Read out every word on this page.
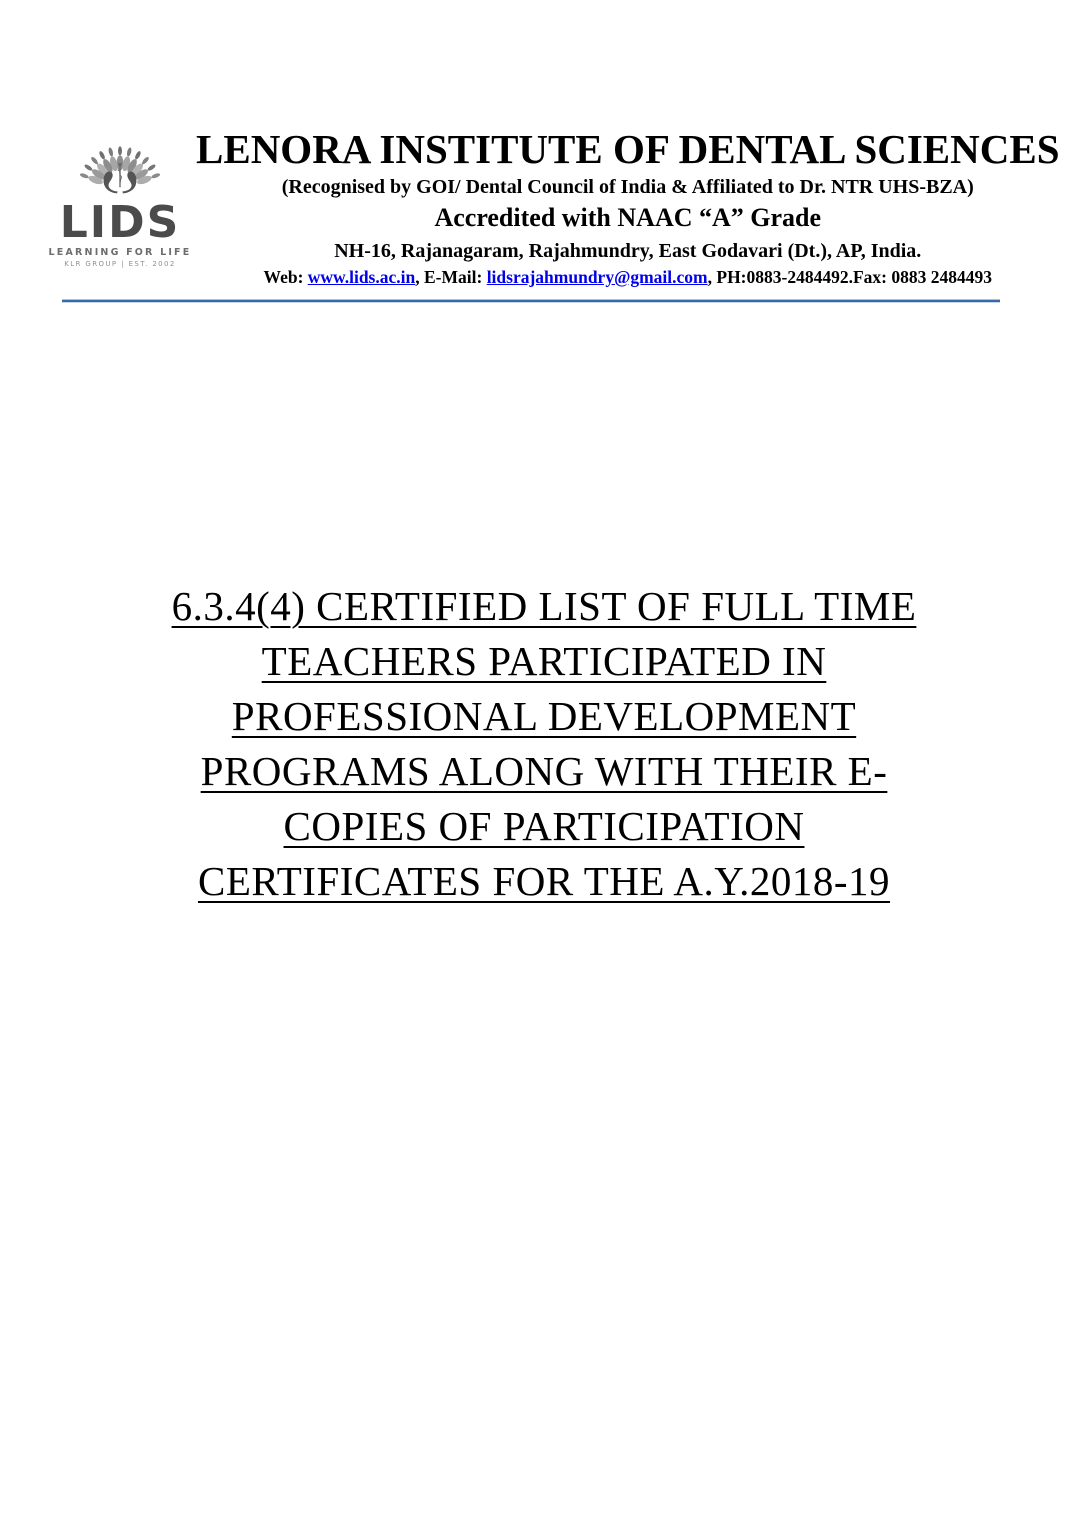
LIDS
LEARNING FOR LIFE
KLR GROUP | EST. 2002
LENORA INSTITUTE OF DENTAL SCIENCES

(Recognised by GOI/ Dental Council of India & Affiliated to Dr. NTR UHS-BZA)

Accredited with NAAC “A” Grade

NH-16, Rajanagaram, Rajahmundry, East Godavari (Dt.), AP, India.

Web: www.lids.ac.in, E-Mail: lidsrajahmundry@gmail.com, PH:0883-2484492.Fax: 0883 2484493

6.3.4(4) CERTIFIED LIST OF FULL TIME
TEACHERS PARTICIPATED IN
PROFESSIONAL DEVELOPMENT
PROGRAMS ALONG WITH THEIR E-
COPIES OF PARTICIPATION
CERTIFICATES FOR THE A.Y.2018-19
